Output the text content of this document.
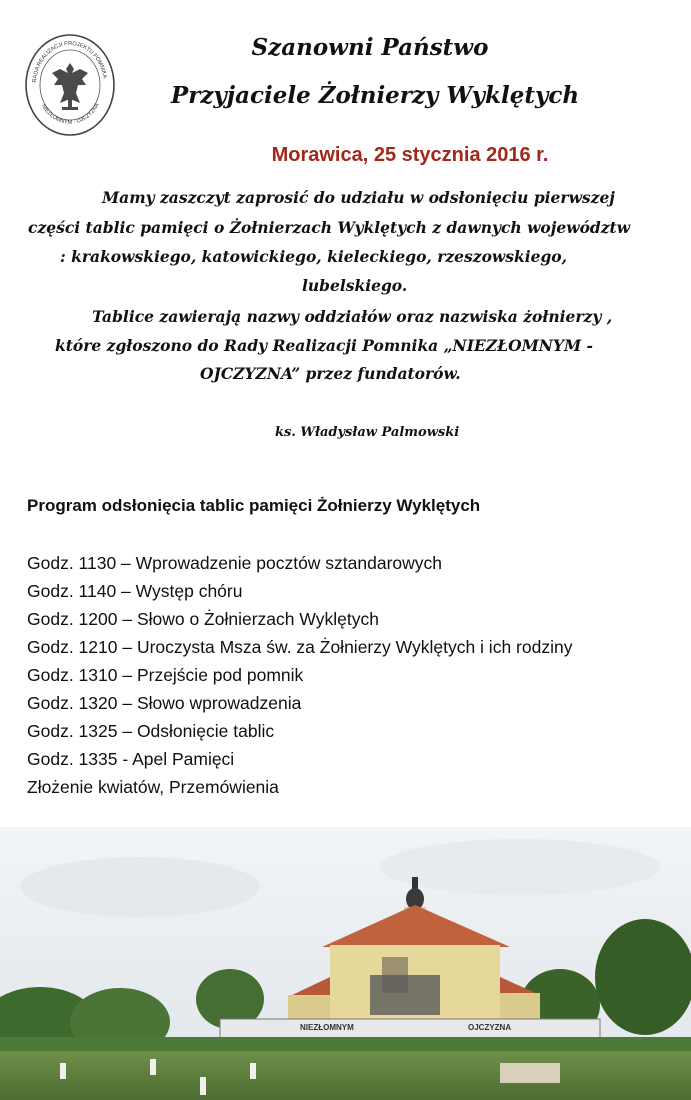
RADA REALIZACJI PROJEKTU POMNIKA
NIEZŁOMNYM · OJCZYZNA
Szanowni Państwo
Przyjaciele Żołnierzy Wyklętych
Morawica, 25 stycznia 2016 r.
Mamy zaszczyt zaprosić do udziału w odsłonięciu pierwszej
części tablic pamięci o Żołnierzach Wyklętych z dawnych województw
: krakowskiego, katowickiego, kieleckiego, rzeszowskiego,
lubelskiego.
Tablice zawierają nazwy oddziałów oraz nazwiska żołnierzy ,
które zgłoszono do Rady Realizacji Pomnika „NIEZŁOMNYM -
OJCZYZNA” przez fundatorów.
ks. Władysław Palmowski
Program odsłonięcia tablic pamięci Żołnierzy Wyklętych
Godz. 1130 – Wprowadzenie pocztów sztandarowych
Godz. 1140 – Występ chóru
Godz. 1200 – Słowo o Żołnierzach Wyklętych
Godz. 1210 – Uroczysta Msza św. za Żołnierzy Wyklętych i ich rodziny
Godz. 1310 – Przejście pod pomnik
Godz. 1320 – Słowo wprowadzenia
Godz. 1325 – Odsłonięcie tablic
Godz. 1335 - Apel Pamięci
Złożenie kwiatów, Przemówienia
NIEZŁOMNYM	OJCZYZNA
